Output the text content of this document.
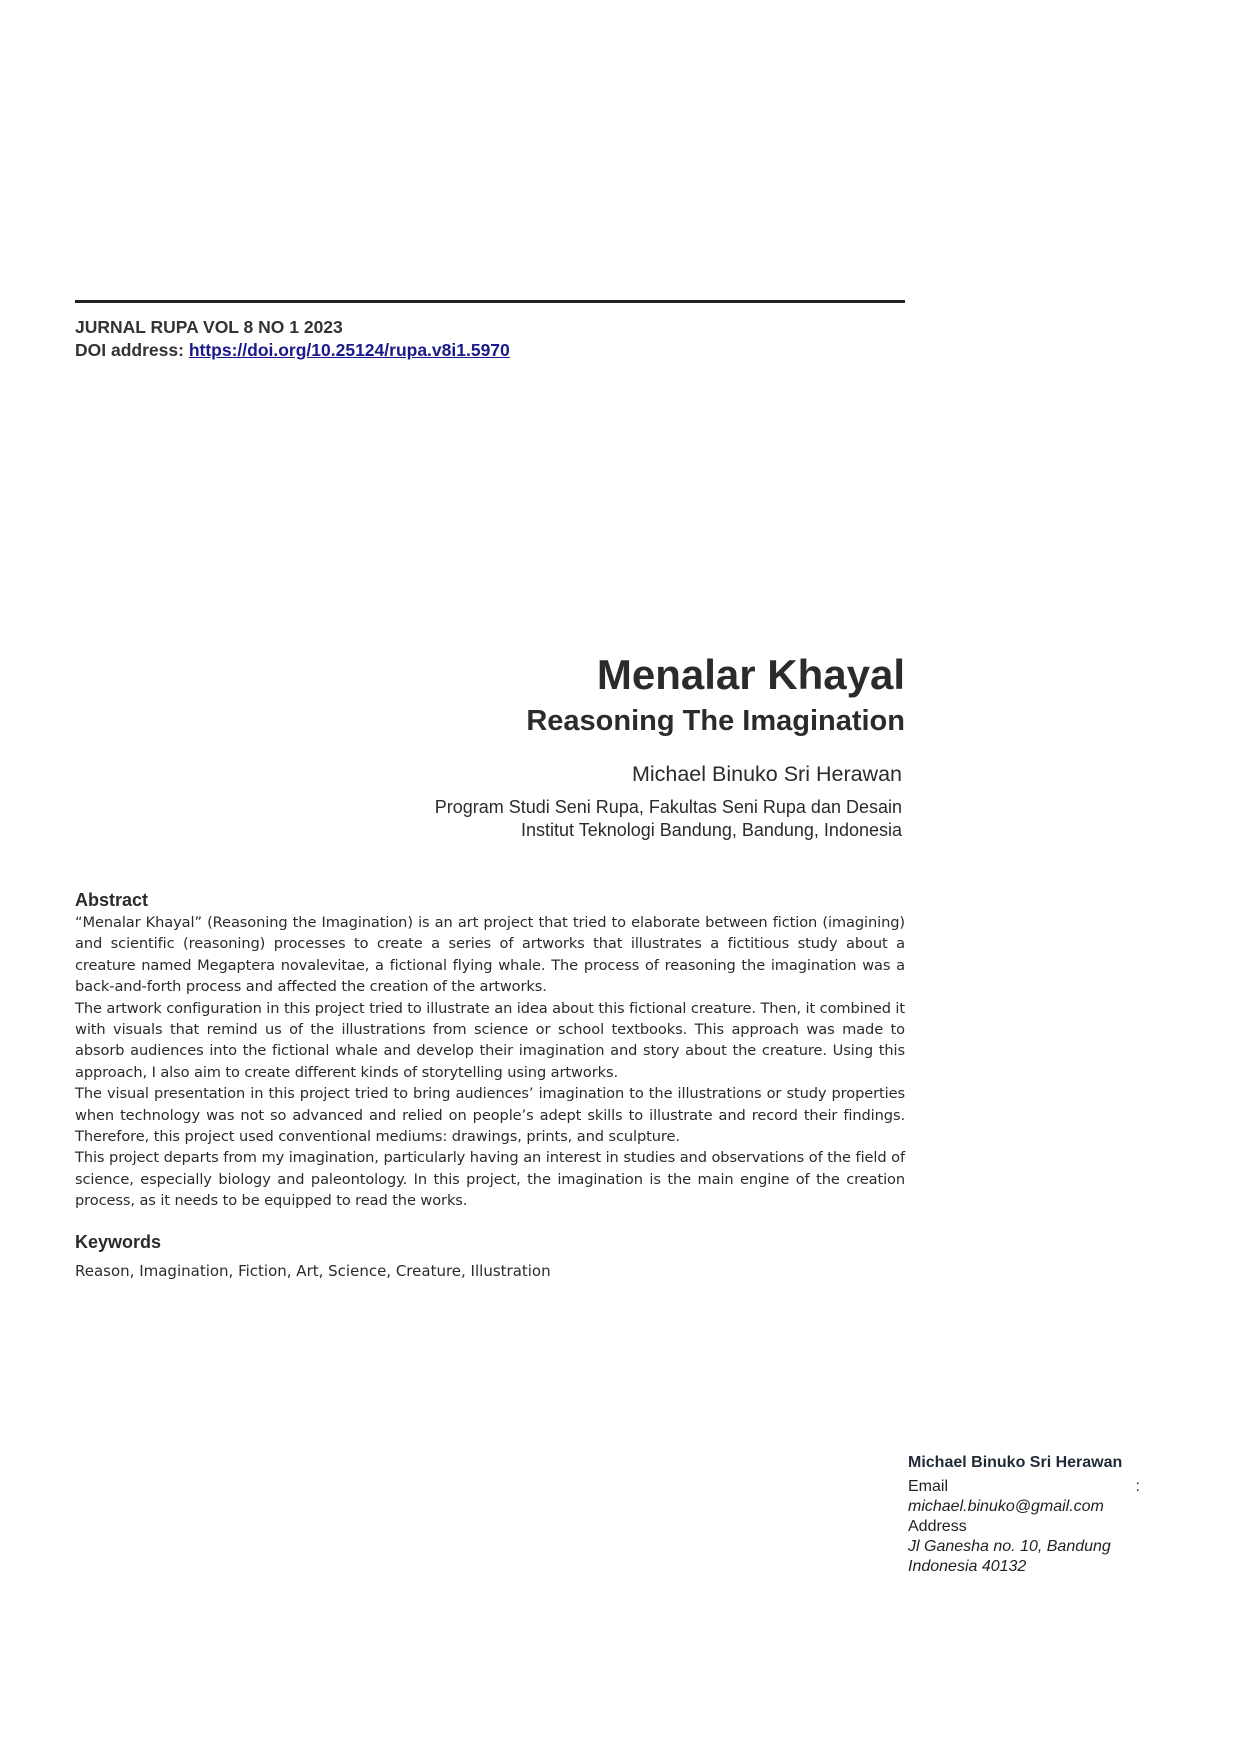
JURNAL RUPA VOL 8 NO 1 2023
DOI address: https://doi.org/10.25124/rupa.v8i1.5970
Menalar Khayal
Reasoning The Imagination
Michael Binuko Sri Herawan
Program Studi Seni Rupa, Fakultas Seni Rupa dan Desain
Institut Teknologi Bandung, Bandung, Indonesia
Abstract

“Menalar Khayal” (Reasoning the Imagination) is an art project that tried to elaborate between fiction (imagining) and scientific (reasoning) processes to create a series of artworks that illustrates a fictitious study about a creature named Megaptera novalevitae, a fictional flying whale. The process of reasoning the imagination was a back-and-forth process and affected the creation of the artworks.

The artwork configuration in this project tried to illustrate an idea about this fictional creature. Then, it combined it with visuals that remind us of the illustrations from science or school textbooks. This approach was made to absorb audiences into the fictional whale and develop their imagination and story about the creature. Using this approach, I also aim to create different kinds of storytelling using artworks.

The visual presentation in this project tried to bring audiences’ imagination to the illustrations or study properties when technology was not so advanced and relied on people’s adept skills to illustrate and record their findings. Therefore, this project used conventional mediums: drawings, prints, and sculpture.

This project departs from my imagination, particularly having an interest in studies and observations of the field of science, especially biology and paleontology. In this project, the imagination is the main engine of the creation process, as it needs to be equipped to read the works.

Keywords

Reason, Imagination, Fiction, Art, Science, Creature, Illustration

Michael Binuko Sri Herawan
Email	:
michael.binuko@gmail.com
Address
Jl Ganesha no. 10, Bandung
Indonesia 40132
